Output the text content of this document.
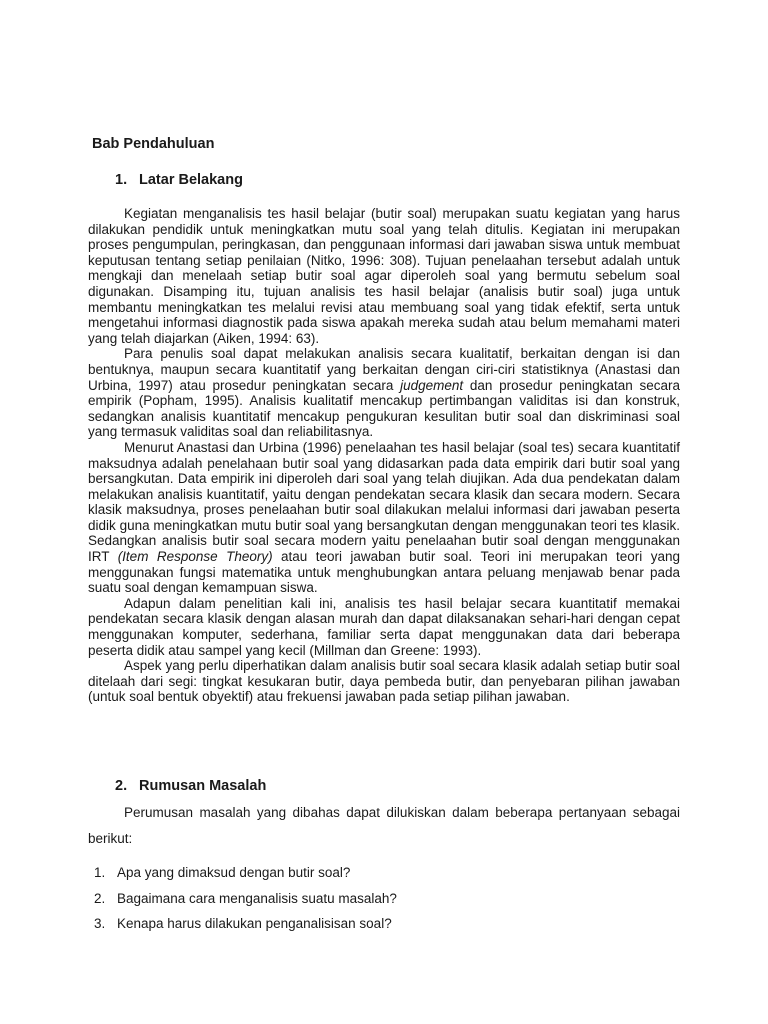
Bab Pendahuluan
1. Latar Belakang

Kegiatan menganalisis tes hasil belajar (butir soal) merupakan suatu kegiatan yang harus dilakukan pendidik untuk meningkatkan mutu soal yang telah ditulis. Kegiatan ini merupakan proses pengumpulan, peringkasan, dan penggunaan informasi dari jawaban siswa untuk membuat keputusan tentang setiap penilaian (Nitko, 1996: 308). Tujuan penelaahan tersebut adalah untuk mengkaji dan menelaah setiap butir soal agar diperoleh soal yang bermutu sebelum soal digunakan. Disamping itu, tujuan analisis tes hasil belajar (analisis butir soal) juga untuk membantu meningkatkan tes melalui revisi atau membuang soal yang tidak efektif, serta untuk mengetahui informasi diagnostik pada siswa apakah mereka sudah atau belum memahami materi yang telah diajarkan (Aiken, 1994: 63).

Para penulis soal dapat melakukan analisis secara kualitatif, berkaitan dengan isi dan bentuknya, maupun secara kuantitatif yang berkaitan dengan ciri-ciri statistiknya (Anastasi dan Urbina, 1997) atau prosedur peningkatan secara judgement dan prosedur peningkatan secara empirik (Popham, 1995). Analisis kualitatif mencakup pertimbangan validitas isi dan konstruk, sedangkan analisis kuantitatif mencakup pengukuran kesulitan butir soal dan diskriminasi soal yang termasuk validitas soal dan reliabilitasnya.

Menurut Anastasi dan Urbina (1996) penelaahan tes hasil belajar (soal tes) secara kuantitatif maksudnya adalah penelahaan butir soal yang didasarkan pada data empirik dari butir soal yang bersangkutan. Data empirik ini diperoleh dari soal yang telah diujikan. Ada dua pendekatan dalam melakukan analisis kuantitatif, yaitu dengan pendekatan secara klasik dan secara modern. Secara klasik maksudnya, proses penelaahan butir soal dilakukan melalui informasi dari jawaban peserta didik guna meningkatkan mutu butir soal yang bersangkutan dengan menggunakan teori tes klasik. Sedangkan analisis butir soal secara modern yaitu penelaahan butir soal dengan menggunakan IRT (Item Response Theory) atau teori jawaban butir soal. Teori ini merupakan teori yang menggunakan fungsi matematika untuk menghubungkan antara peluang menjawab benar pada suatu soal dengan kemampuan siswa.

Adapun dalam penelitian kali ini, analisis tes hasil belajar secara kuantitatif memakai pendekatan secara klasik dengan alasan murah dan dapat dilaksanakan sehari-hari dengan cepat menggunakan komputer, sederhana, familiar serta dapat menggunakan data dari beberapa peserta didik atau sampel yang kecil (Millman dan Greene: 1993).

Aspek yang perlu diperhatikan dalam analisis butir soal secara klasik adalah setiap butir soal ditelaah dari segi: tingkat kesukaran butir, daya pembeda butir, dan penyebaran pilihan jawaban (untuk soal bentuk obyektif) atau frekuensi jawaban pada setiap pilihan jawaban.

2. Rumusan Masalah

Perumusan masalah yang dibahas dapat dilukiskan dalam beberapa pertanyaan sebagai berikut:

1. Apa yang dimaksud dengan butir soal?
2. Bagaimana cara menganalisis suatu masalah?
3. Kenapa harus dilakukan penganalisisan soal?
